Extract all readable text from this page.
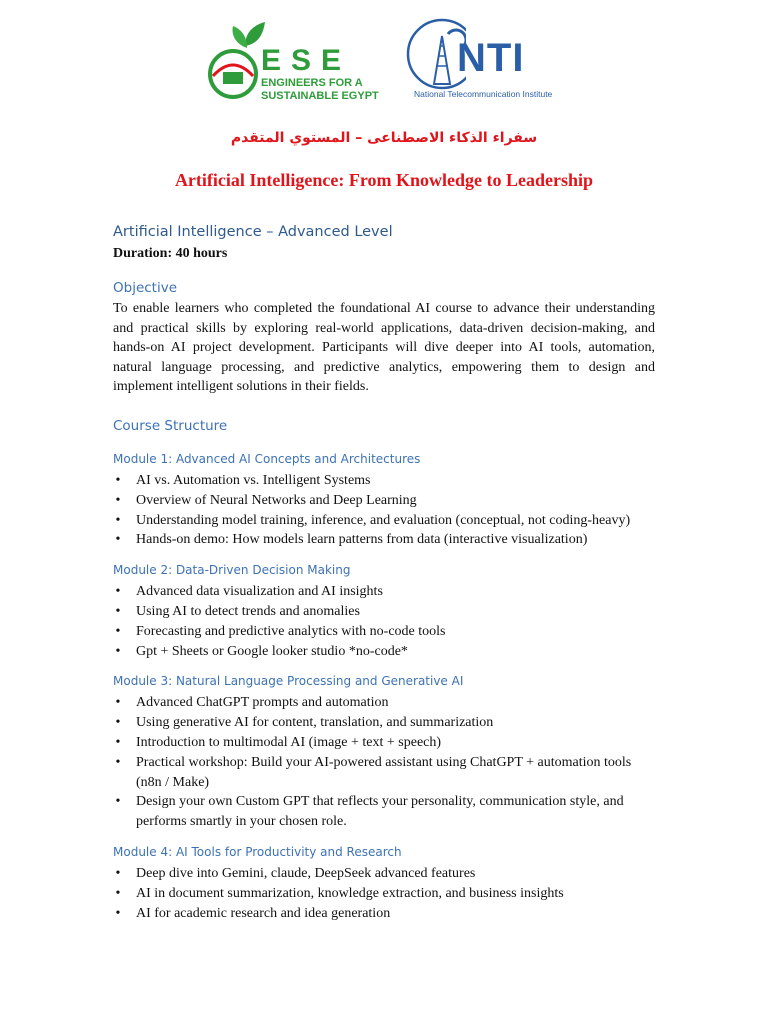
ESE
ENGINEERS FOR A SUSTAINABLE EGYPT
NTI
National Telecommunication Institute
سفراء الذكاء الاصطناعى – المستوي المتقدم
Artificial Intelligence: From Knowledge to Leadership
Artificial Intelligence – Advanced Level
Duration: 40 hours
Objective

To enable learners who completed the foundational AI course to advance their understanding and practical skills by exploring real-world applications, data-driven decision-making, and hands-on AI project development. Participants will dive deeper into AI tools, automation, natural language processing, and predictive analytics, empowering them to design and implement intelligent solutions in their fields.

Course Structure
Module 1: Advanced AI Concepts and Architectures
• AI vs. Automation vs. Intelligent Systems
• Overview of Neural Networks and Deep Learning
• Understanding model training, inference, and evaluation (conceptual, not coding-heavy)
• Hands-on demo: How models learn patterns from data (interactive visualization)
Module 2: Data-Driven Decision Making
• Advanced data visualization and AI insights
• Using AI to detect trends and anomalies
• Forecasting and predictive analytics with no-code tools
• Gpt + Sheets or Google looker studio *no-code*
Module 3: Natural Language Processing and Generative AI
• Advanced ChatGPT prompts and automation
• Using generative AI for content, translation, and summarization
• Introduction to multimodal AI (image + text + speech)
• Practical workshop: Build your AI-powered assistant using ChatGPT + automation tools (n8n / Make)
• Design your own Custom GPT that reflects your personality, communication style, and performs smartly in your chosen role.
Module 4: AI Tools for Productivity and Research
• Deep dive into Gemini, claude, DeepSeek advanced features
• AI in document summarization, knowledge extraction, and business insights
• AI for academic research and idea generation
